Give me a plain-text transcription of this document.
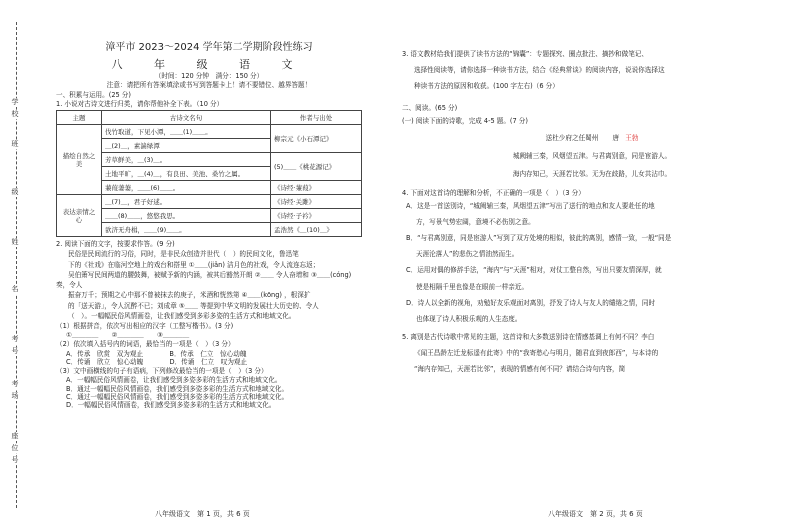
学
校
班
级
姓
名
考
号
考
场
座
位
号
漳平市 2023～2024 学年第二学期阶段性练习
八 年 级 语 文
（时间：120 分钟　满分：150 分）
注意：请把所有答案填涂或书写到答题卡上！请不要错位、越界答题！
一、积累与运用。(25 分)
1. 小说对古诗文进行归类，请你帮他补全下表。（10 分）
主题	古诗文名句	作者与出处
描绘自然之美	伐竹取道，下见小潭，＿＿(1)＿＿。	柳宗元《小石潭记》
	＿(2)＿，素湍绿潭	
	芳草鲜美，＿(3)＿。	(5)＿＿《桃花源记》
	土地平旷，＿(4)＿，有良田、美池、桑竹之属。	
	蒹葭萋萋，＿＿(6)＿＿。	《诗经·蒹葭》
表达亲情之心	＿(7)＿，君子好逑。	《诗经·关雎》
	＿＿(8)＿＿，悠悠我思。	《诗经·子衿》
	欲济无舟楫，＿＿(9)＿＿。	孟浩然《＿(10)＿》
2. 阅读下面的文字，按要求作答。(9 分)
民俗是民间流行的习俗，同时，是非民众创造并世代（　）的民间文化，鲁迅笔
下的《社戏》在临河空地上的戏台和搭里 ①＿＿(jiǎn) 洁月色的社戏，令人流连忘返；
吴伯箫写民间两道的腰鼓舞，被赋予新的内涵，被其后豁然开朗 ②＿＿ 令人奋增和 ③＿＿(cóng) 奏，令人
振奋万千；预期之心中那不曾被抹去的庚子，米酒和恍然第 ④＿＿(kōng) ，根深扩
的「送天游」，令人沉醉不已；刘成章 ⑤＿＿ 等提到中华文明的发展壮大历史的、令人
（　）。一幅幅民俗风情画卷，让我们感受到多彩多姿的生活方式和地域文化。
（1）根据拼音，依次写出相应的汉字（工整写楷书）。(3 分)
①＿＿＿＿　　②＿＿＿＿　　③＿＿＿＿
（2）依次填入括号内的词语，最恰当的一项是（　）（3 分）
A．传承　欣赏　双为观止　　　　B．传承　仁立　惊心动魄
C．传诵　欣立　惊心动魄　　　　D．传诵　仁立　叹为观止
（3）文中画横线的句子有语病，下列修改最恰当的一项是（　）（3 分）
A．一幅幅民俗风情画卷，让我们感受到多姿多彩的生活方式和地域文化。
B．通过一幅幅民俗风情画卷，我们感受到多姿多彩的生活方式和地域文化。
C．通过一幅幅民俗风情画卷，我们感受到多姿多彩的生活方式和地域文化。
D．一幅幅民俗风情画卷，我们感受到多姿多彩的生活方式和地域文化。
八年级语文　第 1 页，共 6 页
3. 语文教材给我们提供了读书方法的“锦囊”：专题探究、圈点批注、摘抄和做笔记、
选择性阅读等，请你选择一种读书方法，结合《经典常谈》的阅读内容，说说你选择这
种读书方法的原因和收获。(100 字左右)（6 分）
二、阅读。(65 分)
(一) 阅读下面的诗歌，完成 4-5 题。(7 分)
送杜少府之任蜀州 唐 王勃
城阙辅三秦，风烟望五津。与君离别意，同是宦游人。
海内存知己，天涯若比邻。无为在歧路，儿女共沾巾。
4. 下面对这首诗的理解和分析，不正确的一项是（　）（3 分）
A．这是一首送别诗，“城阙辅三秦，风烟望五津”写出了送行的地点和友人要赴任的地
方，写景气势宏阔，意境不必伤别之意。
B．“与君离别意，同是宦游人”写到了双方处境的相似，彼此的离别，感情一致，一般“同是
天涯沦落人”的悲伤之情油然而生。
C．运用对偶的修辞手法，“海内”与“天涯”相对，对仗工整自然，写出只要友情深厚，就
使是相隔千里也像是在眼前一样亲近。
D．诗人以全新的视角，劝勉好友乐观面对离别，抒发了诗人与友人的缱绻之情，同时
也体现了诗人积极乐观的人生态度。
5. 离别是古代诗歌中常见的主题，这首诗和大多数送别诗在情感基调上有何不同？李白
《闻王昌龄左迁龙标遥有此寄》中的“我寄愁心与明月，随君直到夜郎西”，与本诗的
“海内存知己，天涯若比邻”，表现的情感有何不同？请结合诗句内容，简
八年级语文　第 2 页，共 6 页
